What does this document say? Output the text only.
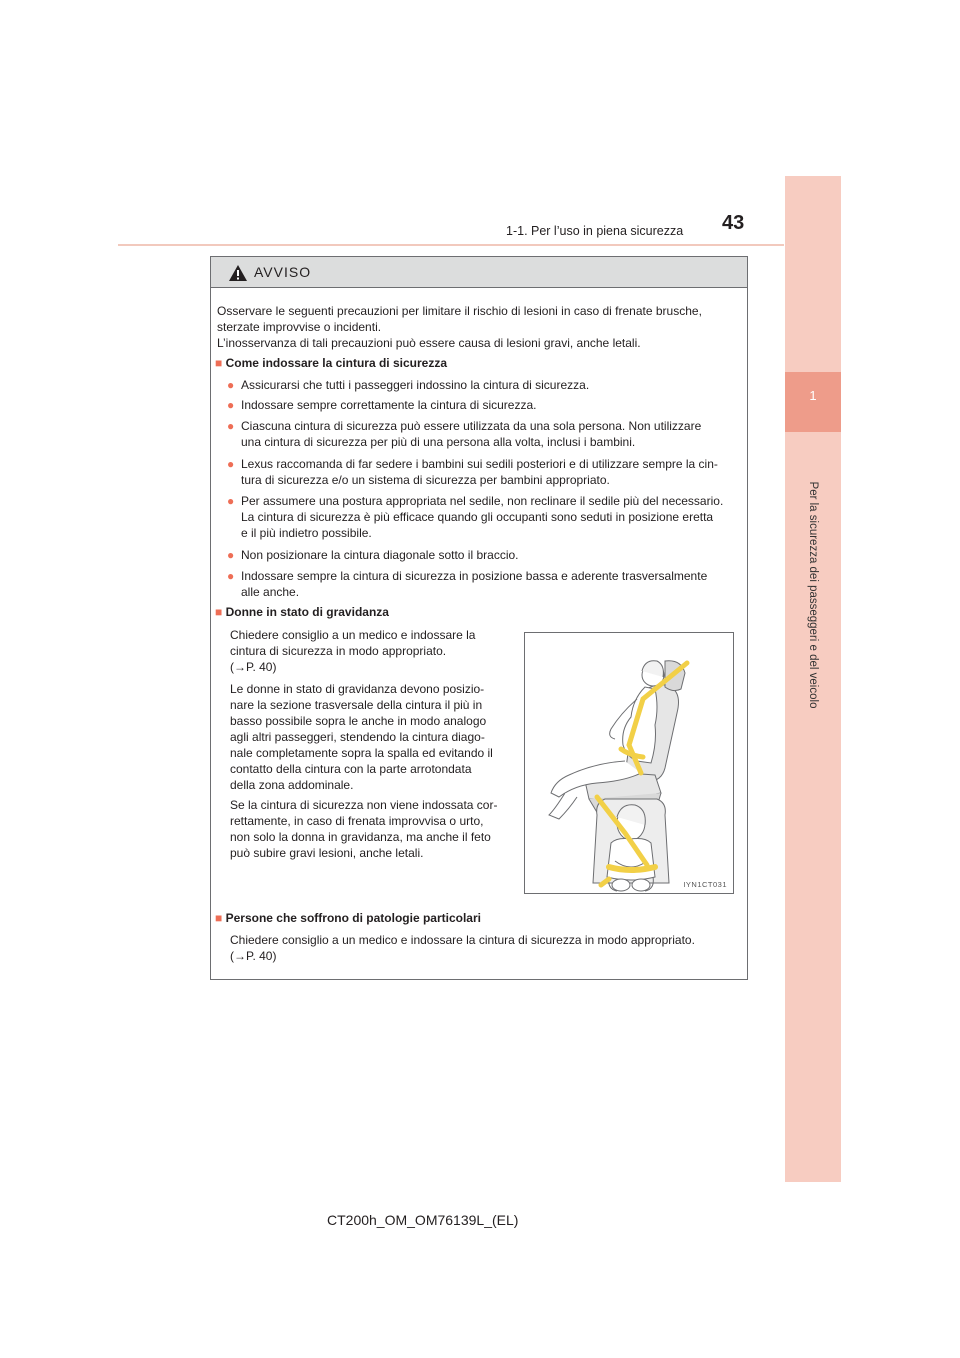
43
1-1. Per l’uso in piena sicurezza
1
Per la sicurezza dei passeggeri e del veicolo
AVVISO
Osservare le seguenti precauzioni per limitare il rischio di lesioni in caso di frenate brusche,
sterzate improvvise o incidenti.
L’inosservanza di tali precauzioni può essere causa di lesioni gravi, anche letali.
■ Come indossare la cintura di sicurezza
● Assicurarsi che tutti i passeggeri indossino la cintura di sicurezza.
● Indossare sempre correttamente la cintura di sicurezza.
● Ciascuna cintura di sicurezza può essere utilizzata da una sola persona. Non utilizzare
una cintura di sicurezza per più di una persona alla volta, inclusi i bambini.
● Lexus raccomanda di far sedere i bambini sui sedili posteriori e di utilizzare sempre la cin-
tura di sicurezza e/o un sistema di sicurezza per bambini appropriato.
● Per assumere una postura appropriata nel sedile, non reclinare il sedile più del necessario.
La cintura di sicurezza è più efficace quando gli occupanti sono seduti in posizione eretta
e il più indietro possibile.
● Non posizionare la cintura diagonale sotto il braccio.
● Indossare sempre la cintura di sicurezza in posizione bassa e aderente trasversalmente
alle anche.
■ Donne in stato di gravidanza
Chiedere consiglio a un medico e indossare la
cintura di sicurezza in modo appropriato.
(→P. 40)
Le donne in stato di gravidanza devono posizio-
nare la sezione trasversale della cintura il più in
basso possibile sopra le anche in modo analogo
agli altri passeggeri, stendendo la cintura diago-
nale completamente sopra la spalla ed evitando il
contatto della cintura con la parte arrotondata
della zona addominale.
Se la cintura di sicurezza non viene indossata cor-
rettamente, in caso di frenata improvvisa o urto,
non solo la donna in gravidanza, ma anche il feto
può subire gravi lesioni, anche letali.
■ Persone che soffrono di patologie particolari
Chiedere consiglio a un medico e indossare la cintura di sicurezza in modo appropriato.
(→P. 40)
IYN1CT031
CT200h_OM_OM76139L_(EL)
